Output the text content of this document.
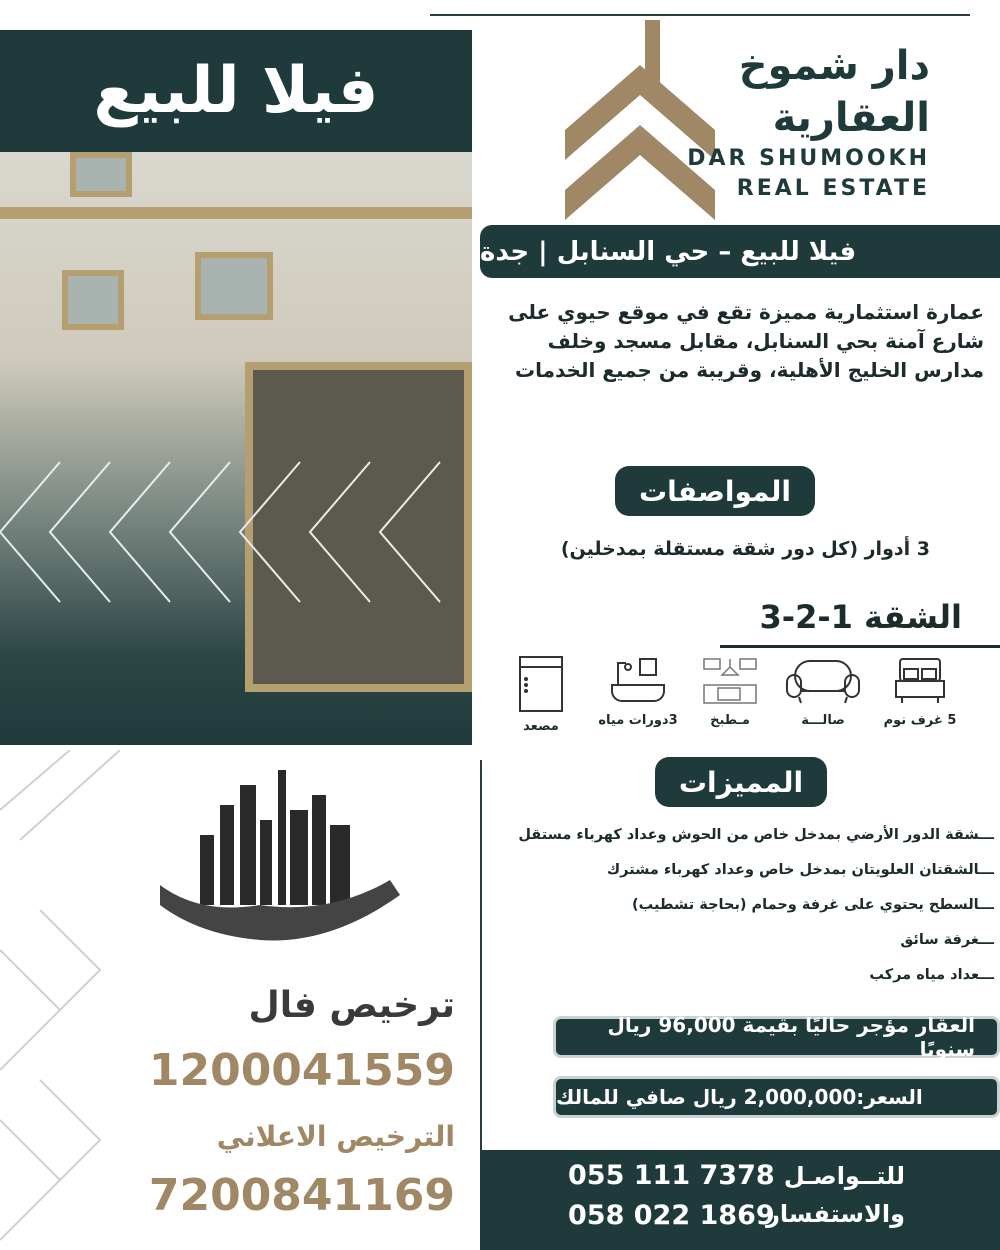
فيلا للبيع
ترخيص فال
1200041559
الترخيص الاعلاني
7200841169
دار شموخ
العقارية
DAR SHUMOOKH
REAL ESTATE
فيلا للبيع – حي السنابل | جدة
عمارة استثمارية مميزة تقع في موقع حيوي على شارع آمنة بحي السنابل، مقابل مسجد وخلف مدارس الخليج الأهلية، وقريبة من جميع الخدمات
المواصفات
3 أدوار (كل دور شقة مستقلة بمدخلين)
الشقة 1-2-3
5 غرف نوم
صالـــة
مـطبخ
3دورات مياه
مصعد
المميزات
ـــشقة الدور الأرضي بمدخل خاص من الحوش وعداد كهرباء مستقل
ـــالشقتان العلويتان بمدخل خاص وعداد كهرباء مشترك
ـــالسطح يحتوي على غرفة وحمام (بحاجة تشطيب)
ـــغرفة سائق
ـــعداد مياه مركب
العقار مؤجر حاليًا بقيمة 96,000 ريال سنويًا
السعر:2,000,000 ريال صافي للمالك
للتــواصـل
والاستفسار
055 111 7378
058 022 1869
